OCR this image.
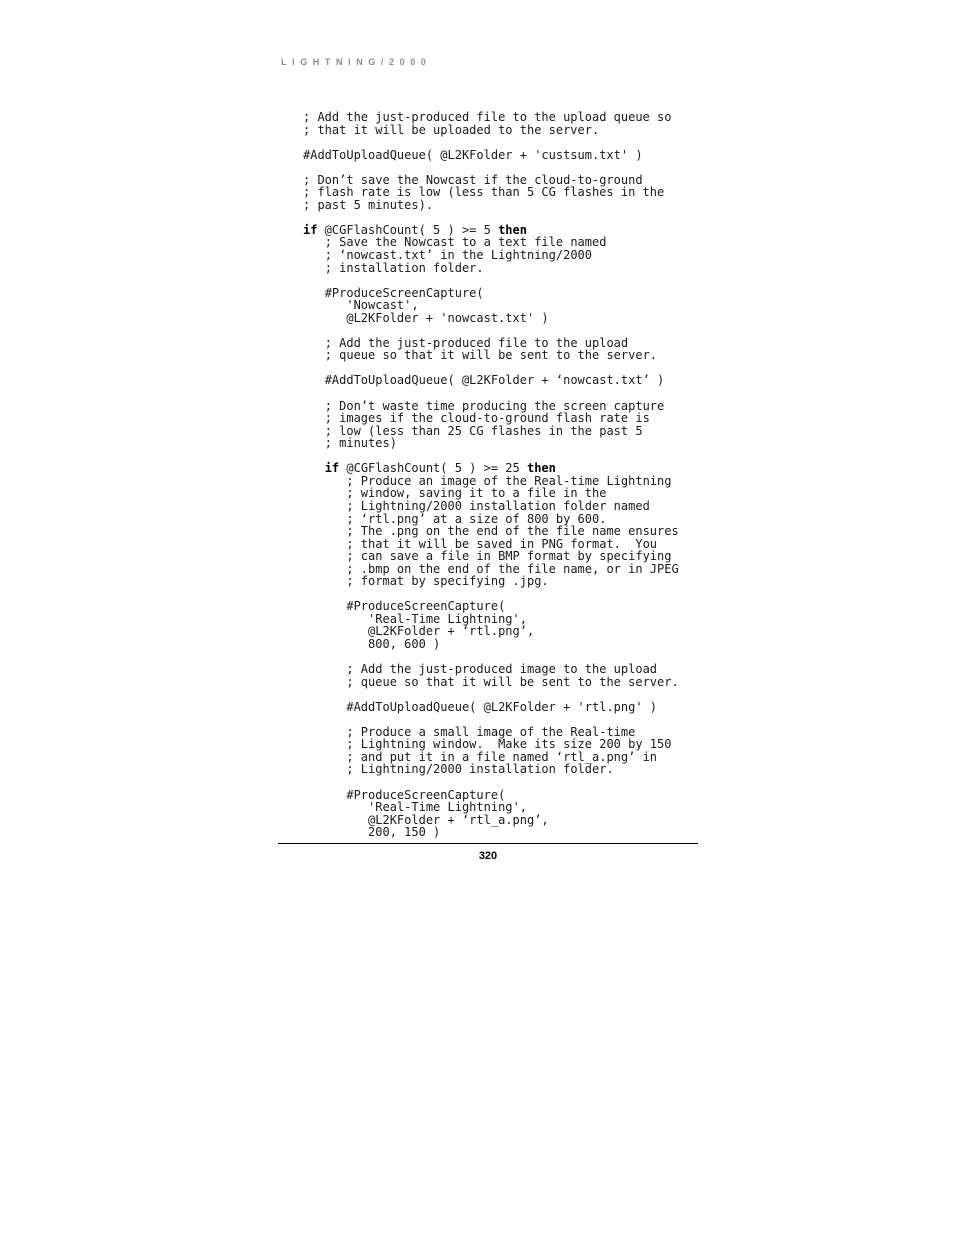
LIGHTNING/2000
; Add the just-produced file to the upload queue so
; that it will be uploaded to the server.
#AddToUploadQueue( @L2KFolder + 'custsum.txt' )
; Don’t save the Nowcast if the cloud-to-ground
; flash rate is low (less than 5 CG flashes in the
; past 5 minutes).
if @CGFlashCount( 5 ) >= 5 then
; Save the Nowcast to a text file named
; ‘nowcast.txt’ in the Lightning/2000
; installation folder.
#ProduceScreenCapture(
'Nowcast',
@L2KFolder + 'nowcast.txt' )
; Add the just-produced file to the upload
; queue so that it will be sent to the server.
#AddToUploadQueue( @L2KFolder + ‘nowcast.txt’ )
; Don’t waste time producing the screen capture
; images if the cloud-to-ground flash rate is
; low (less than 25 CG flashes in the past 5
; minutes)
if @CGFlashCount( 5 ) >= 25 then
; Produce an image of the Real-time Lightning
; window, saving it to a file in the
; Lightning/2000 installation folder named
; ‘rtl.png’ at a size of 800 by 600.
; The .png on the end of the file name ensures
; that it will be saved in PNG format.  You
; can save a file in BMP format by specifying
; .bmp on the end of the file name, or in JPEG
; format by specifying .jpg.
#ProduceScreenCapture(
'Real-Time Lightning',
@L2KFolder + ‘rtl.png’,
800, 600 )
; Add the just-produced image to the upload
; queue so that it will be sent to the server.
#AddToUploadQueue( @L2KFolder + 'rtl.png' )
; Produce a small image of the Real-time
; Lightning window.  Make its size 200 by 150
; and put it in a file named ‘rtl_a.png’ in
; Lightning/2000 installation folder.
#ProduceScreenCapture(
'Real-Time Lightning',
@L2KFolder + ‘rtl_a.png’,
200, 150 )
320
